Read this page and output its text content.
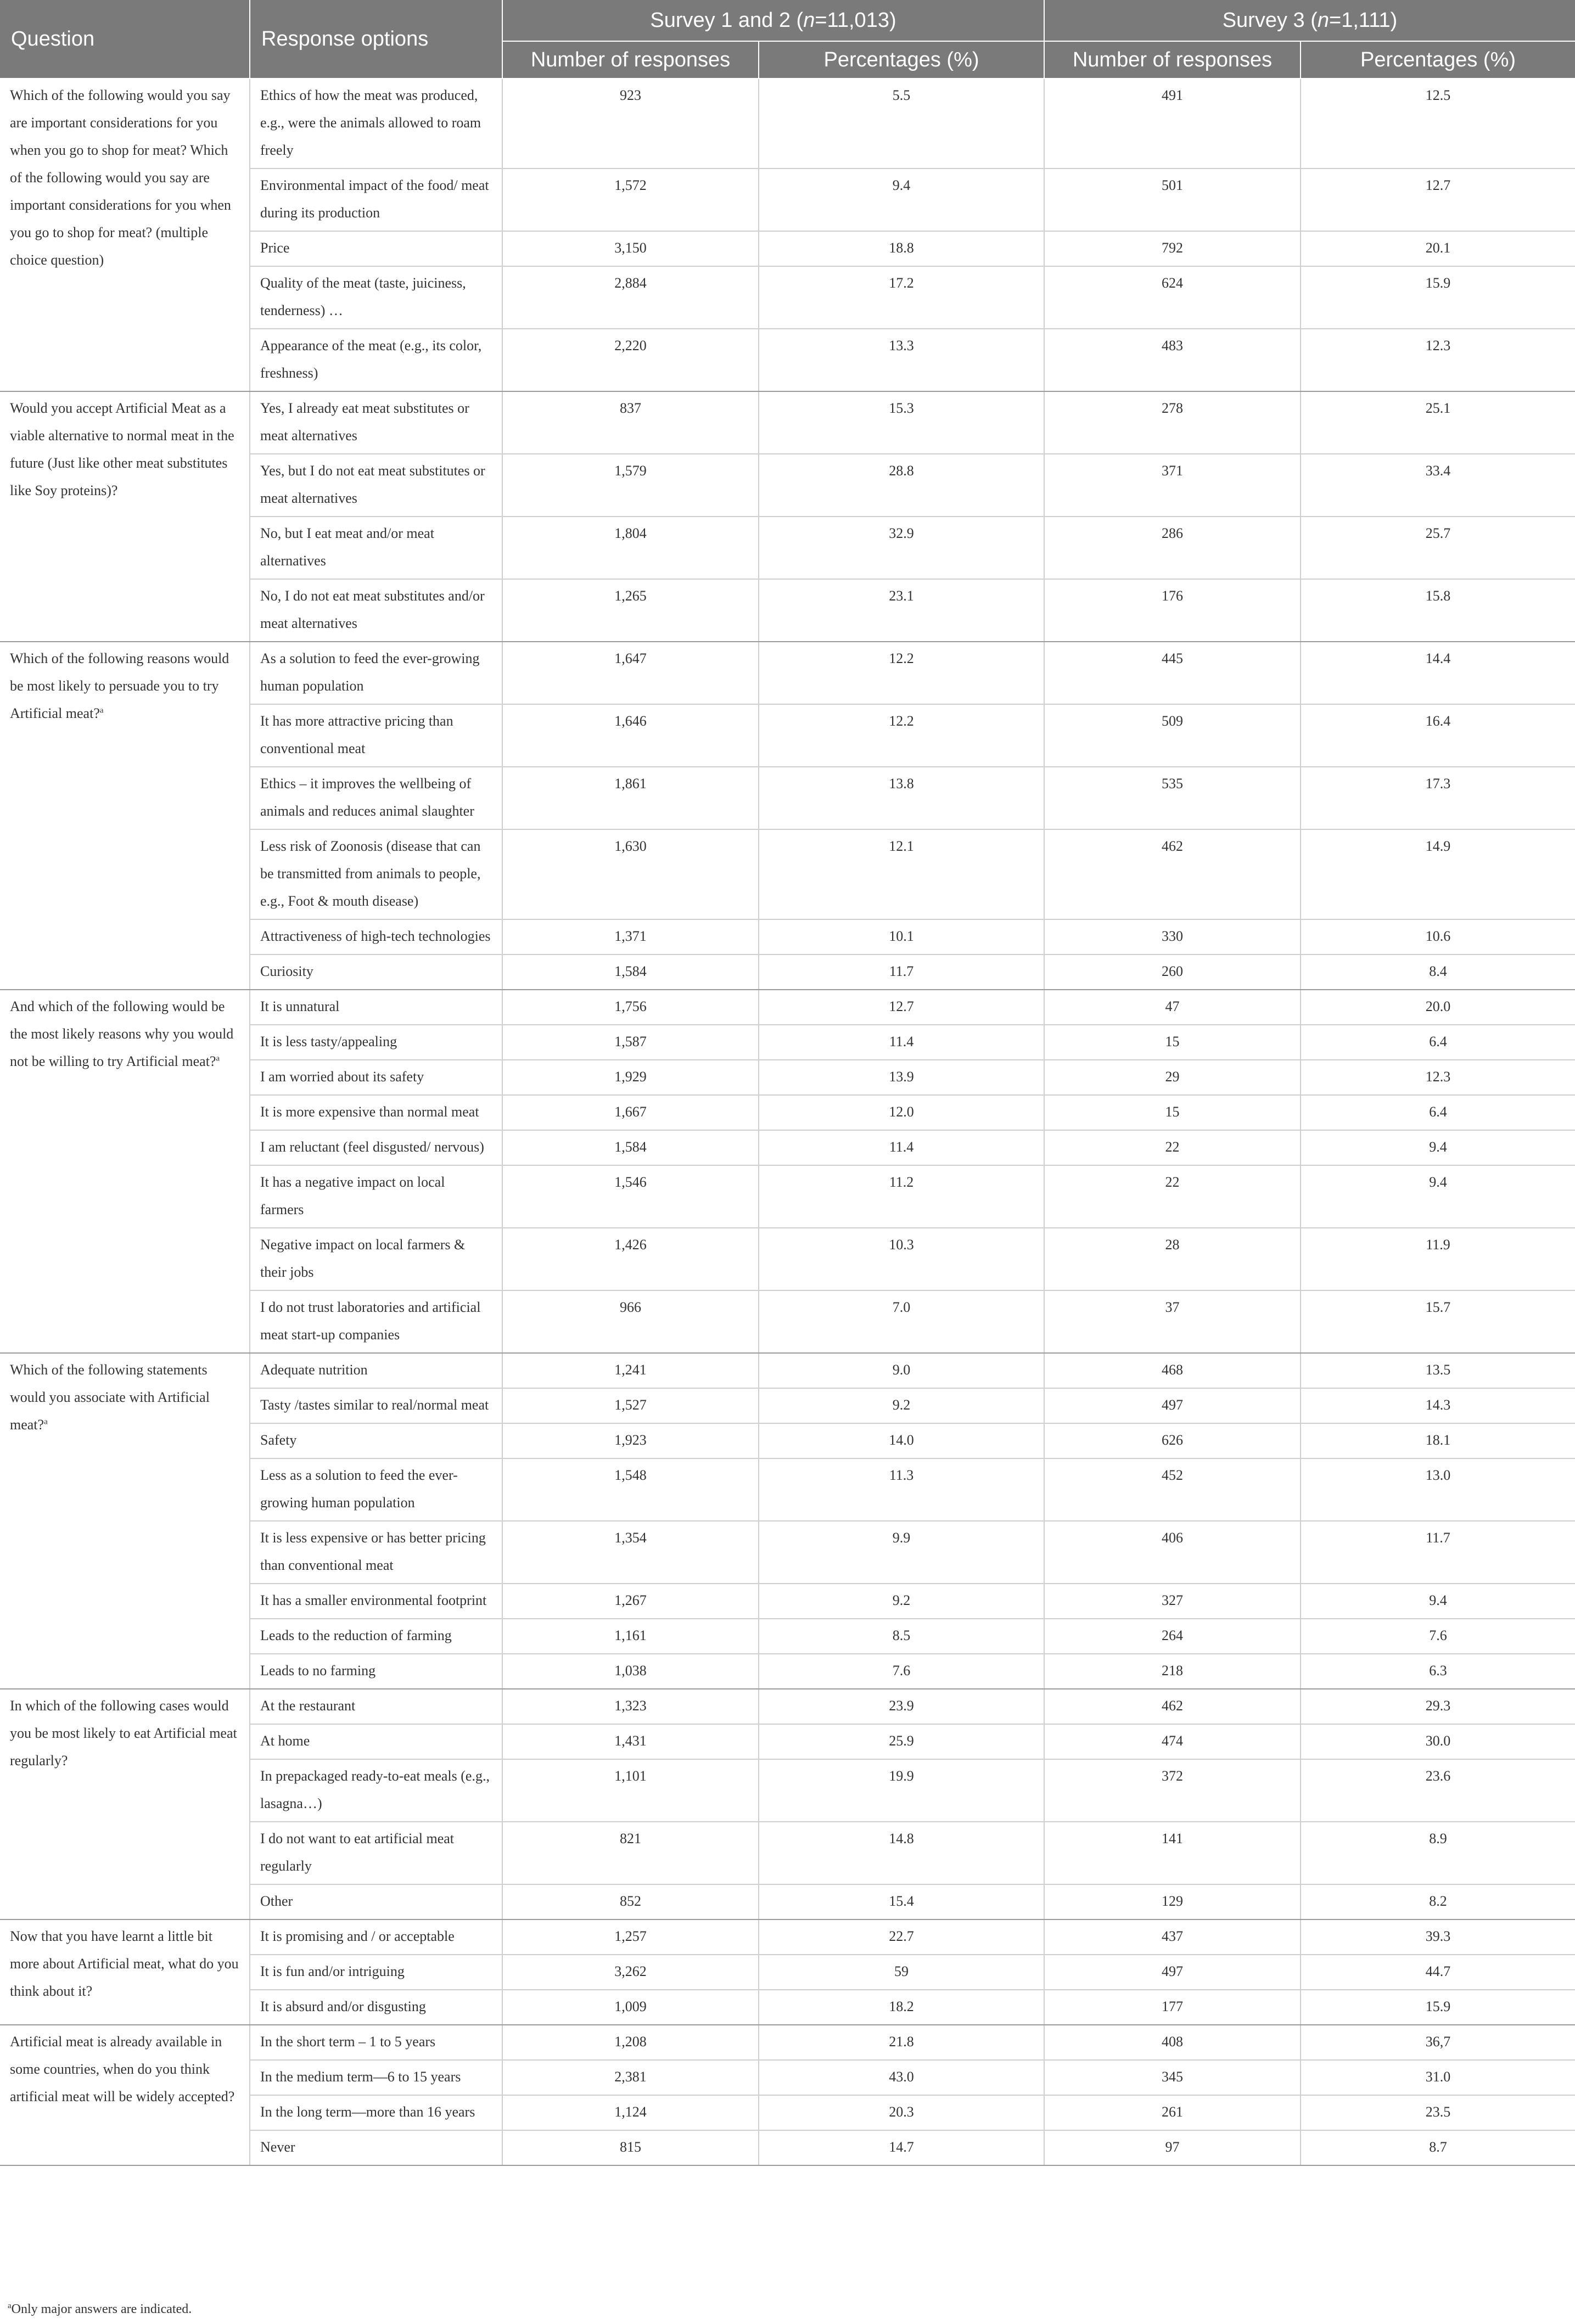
Question	Response options	Survey 1 and 2 (n=11,013)		Survey 3 (n=1,111)	
		Number of responses	Percentages (%)	Number of responses	Percentages (%)
Which of the following would you say are important considerations for you when you go to shop for meat? Which of the following would you say are important considerations for you when you go to shop for meat? (multiple choice question)	Ethics of how the meat was produced, e.g., were the animals allowed to roam freely	923	5.5	491	12.5
	Environmental impact of the food/ meat during its production	1,572	9.4	501	12.7
	Price	3,150	18.8	792	20.1
	Quality of the meat (taste, juiciness, tenderness) …	2,884	17.2	624	15.9
	Appearance of the meat (e.g., its color, freshness)	2,220	13.3	483	12.3
Would you accept Artificial Meat as a viable alternative to normal meat in the future (Just like other meat substitutes like Soy proteins)?	Yes, I already eat meat substitutes or meat alternatives	837	15.3	278	25.1
	Yes, but I do not eat meat substitutes or meat alternatives	1,579	28.8	371	33.4
	No, but I eat meat and/or meat alternatives	1,804	32.9	286	25.7
	No, I do not eat meat substitutes and/or meat alternatives	1,265	23.1	176	15.8
Which of the following reasons would be most likely to persuade you to try Artificial meat?$^a$	As a solution to feed the ever-growing human population	1,647	12.2	445	14.4
	It has more attractive pricing than conventional meat	1,646	12.2	509	16.4
	Ethics – it improves the wellbeing of animals and reduces animal slaughter	1,861	13.8	535	17.3
	Less risk of Zoonosis (disease that can be transmitted from animals to people, e.g., Foot & mouth disease)	1,630	12.1	462	14.9
	Attractiveness of high-tech technologies	1,371	10.1	330	10.6
	Curiosity	1,584	11.7	260	8.4
And which of the following would be the most likely reasons why you would not be willing to try Artificial meat?$^a$	It is unnatural	1,756	12.7	47	20.0
	It is less tasty/appealing	1,587	11.4	15	6.4
	I am worried about its safety	1,929	13.9	29	12.3
	It is more expensive than normal meat	1,667	12.0	15	6.4
	I am reluctant (feel disgusted/ nervous)	1,584	11.4	22	9.4
	It has a negative impact on local farmers	1,546	11.2	22	9.4
	Negative impact on local farmers & their jobs	1,426	10.3	28	11.9
	I do not trust laboratories and artificial meat start-up companies	966	7.0	37	15.7
Which of the following statements would you associate with Artificial meat?$^a$	Adequate nutrition	1,241	9.0	468	13.5
	Tasty /tastes similar to real/normal meat	1,527	9.2	497	14.3
	Safety	1,923	14.0	626	18.1
	Less as a solution to feed the ever-growing human population	1,548	11.3	452	13.0
	It is less expensive or has better pricing than conventional meat	1,354	9.9	406	11.7
	It has a smaller environmental footprint	1,267	9.2	327	9.4
	Leads to the reduction of farming	1,161	8.5	264	7.6
	Leads to no farming	1,038	7.6	218	6.3
In which of the following cases would you be most likely to eat Artificial meat regularly?	At the restaurant	1,323	23.9	462	29.3
	At home	1,431	25.9	474	30.0
	In prepackaged ready-to-eat meals (e.g., lasagna…)	1,101	19.9	372	23.6
	I do not want to eat artificial meat regularly	821	14.8	141	8.9
	Other	852	15.4	129	8.2
Now that you have learnt a little bit more about Artificial meat, what do you think about it?	It is promising and / or acceptable	1,257	22.7	437	39.3
	It is fun and/or intriguing	3,262	59	497	44.7
	It is absurd and/or disgusting	1,009	18.2	177	15.9
Artificial meat is already available in some countries, when do you think artificial meat will be widely accepted?	In the short term – 1 to 5 years	1,208	21.8	408	36,7
	In the medium term—6 to 15 years	2,381	43.0	345	31.0
	In the long term—more than 16 years	1,124	20.3	261	23.5
	Never	815	14.7	97	8.7
$^a$Only major answers are indicated.
